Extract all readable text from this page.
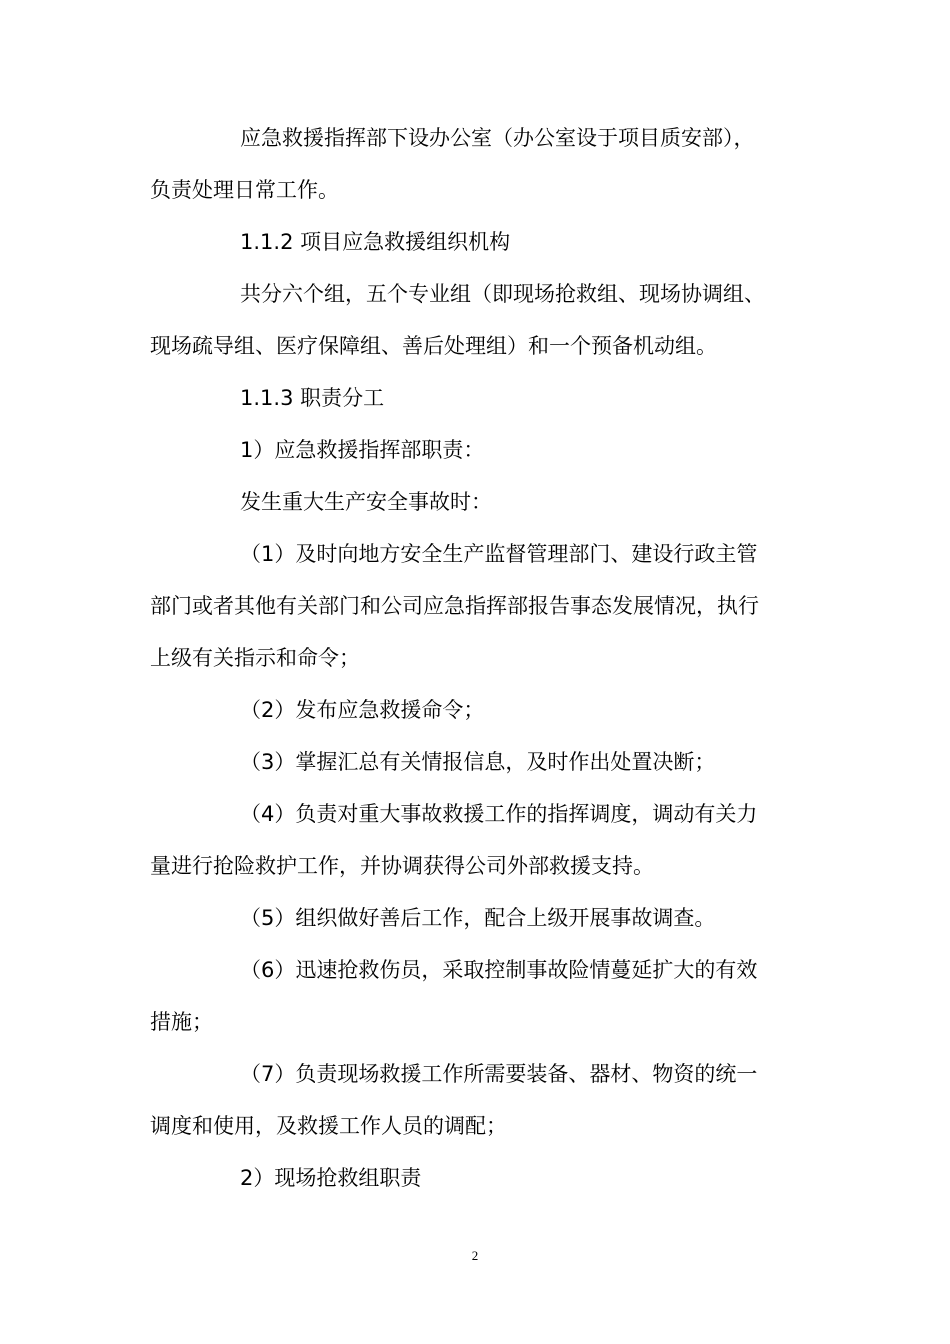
应急救援指挥部下设办公室（办公室设于项目质安部），
负责处理日常工作。
1.1.2 项目应急救援组织机构
共分六个组，五个专业组（即现场抢救组、现场协调组、
现场疏导组、医疗保障组、善后处理组）和一个预备机动组。
1.1.3 职责分工
1）应急救援指挥部职责：
发生重大生产安全事故时：
（1）及时向地方安全生产监督管理部门、建设行政主管
部门或者其他有关部门和公司应急指挥部报告事态发展情况，执行
上级有关指示和命令；
（2）发布应急救援命令；
（3）掌握汇总有关情报信息，及时作出处置决断；
（4）负责对重大事故救援工作的指挥调度，调动有关力
量进行抢险救护工作，并协调获得公司外部救援支持。
（5）组织做好善后工作，配合上级开展事故调查。
（6）迅速抢救伤员，采取控制事故险情蔓延扩大的有效
措施；
（7）负责现场救援工作所需要装备、器材、物资的统一
调度和使用，及救援工作人员的调配；
2）现场抢救组职责
2
